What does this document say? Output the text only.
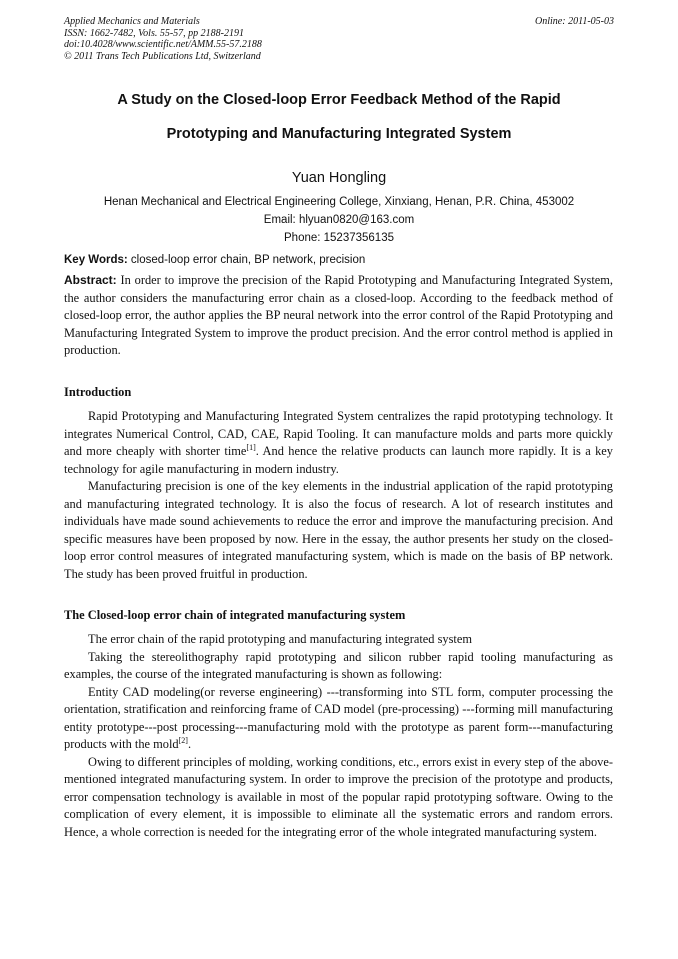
Applied Mechanics and Materials
ISSN: 1662-7482, Vols. 55-57, pp 2188-2191
doi:10.4028/www.scientific.net/AMM.55-57.2188
© 2011 Trans Tech Publications Ltd, Switzerland
Online: 2011-05-03
A Study on the Closed-loop Error Feedback Method of the Rapid
Prototyping and Manufacturing Integrated System
Yuan Hongling
Henan Mechanical and Electrical Engineering College, Xinxiang, Henan, P.R. China, 453002
Email: hlyuan0820@163.com
Phone: 15237356135
Key Words: closed-loop error chain, BP network, precision

Abstract: In order to improve the precision of the Rapid Prototyping and Manufacturing Integrated System, the author considers the manufacturing error chain as a closed-loop. According to the feedback method of closed-loop error, the author applies the BP neural network into the error control of the Rapid Prototyping and Manufacturing Integrated System to improve the product precision. And the error control method is applied in production.

Introduction

Rapid Prototyping and Manufacturing Integrated System centralizes the rapid prototyping technology. It integrates Numerical Control, CAD, CAE, Rapid Tooling. It can manufacture molds and parts more quickly and more cheaply with shorter time[1]. And hence the relative products can launch more rapidly. It is a key technology for agile manufacturing in modern industry.

Manufacturing precision is one of the key elements in the industrial application of the rapid prototyping and manufacturing integrated technology. It is also the focus of research. A lot of research institutes and individuals have made sound achievements to reduce the error and improve the manufacturing precision. And specific measures have been proposed by now. Here in the essay, the author presents her study on the closed-loop error control measures of integrated manufacturing system, which is made on the basis of BP network. The study has been proved fruitful in production.

The Closed-loop error chain of integrated manufacturing system

The error chain of the rapid prototyping and manufacturing integrated system

Taking the stereolithography rapid prototyping and silicon rubber rapid tooling manufacturing as examples, the course of the integrated manufacturing is shown as following:

Entity CAD modeling(or reverse engineering) ---transforming into STL form, computer processing the orientation, stratification and reinforcing frame of CAD model (pre-processing) ---forming mill manufacturing entity prototype---post processing---manufacturing mold with the prototype as parent form---manufacturing products with the mold[2].

Owing to different principles of molding, working conditions, etc., errors exist in every step of the above-mentioned integrated manufacturing system. In order to improve the precision of the prototype and products, error compensation technology is available in most of the popular rapid prototyping software. Owing to the complication of every element, it is impossible to eliminate all the systematic errors and random errors. Hence, a whole correction is needed for the integrating error of the whole integrated manufacturing system.
